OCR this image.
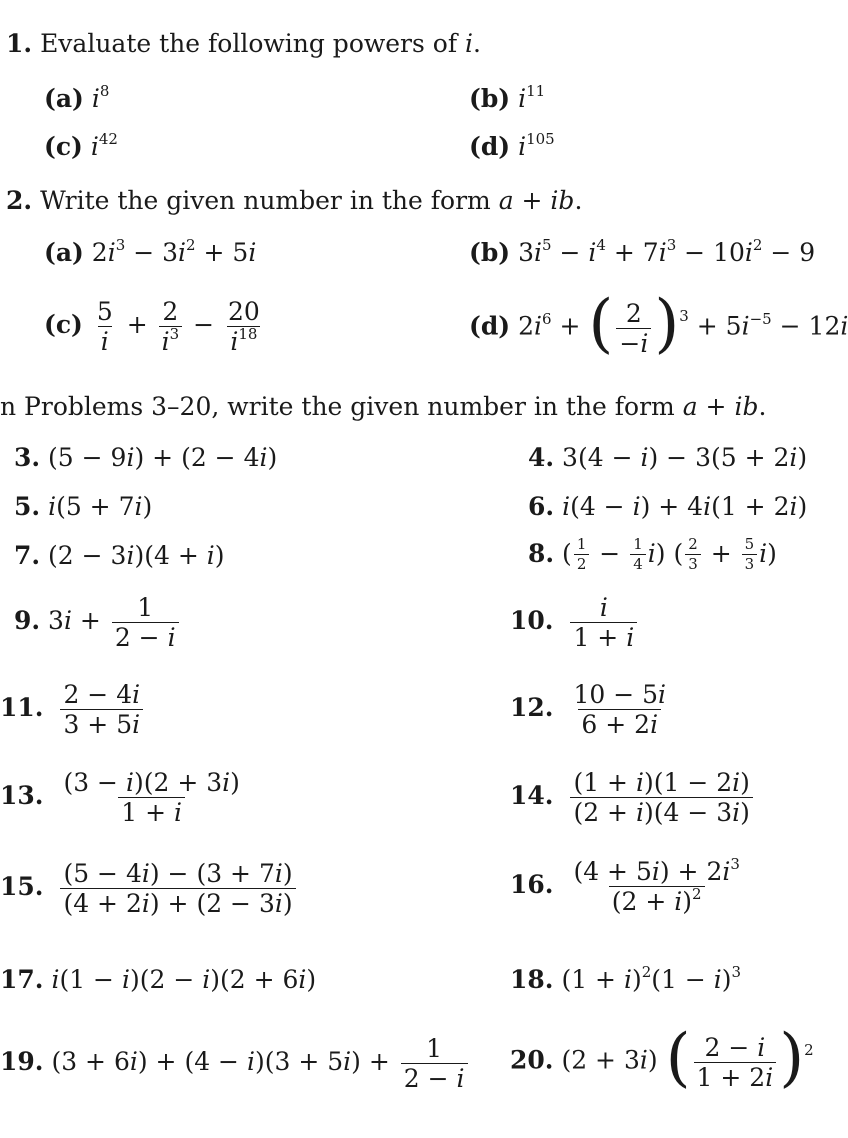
1. Evaluate the following powers of i.
(a) $i^8$	(b) $i^{11}$
(c) $i^{42}$	(d) $i^{105}$
2. Write the given number in the form a + ib.
(a) $2i^3 - 3i^2 + 5i$	(b) $3i^5 - i^4 + 7i^3 - 10i^2 - 9$
$(c) \frac{5}{i} + \frac{2}{i^3} - \frac{20}{i^{18}}$	(d) $2i^6$ + ( $\frac{2}{-i} )^3 + 5i^{-5} - 12i$
n Problems 3–20, write the given number in the form a + ib.
3. (5 − 9i) + (2 − 4i)	4. 3(4 − i) − 3(5 + 2i)
5. i(5 + 7i)	6. i(4 − i) + 4i(1 + 2i)
7. (2 − 3i)(4 + i)	8. ( $\frac{1}{2} - \frac{1}{4} i$) ( $\frac{2}{3} + \frac{5}{3} i$)
9. $3i + \frac{1}{2 - i}$	10. $\frac{i}{1 + i}$
11. $\frac{2 - 4i}{3 + 5i}$	12. $\frac{10 - 5i}{6 + 2i}$
13. $\frac{(3 - i)(2 + 3i)}{1 + i}$	14. $\frac{(1 + i)(1 - 2i)}{(2 + i)(4 - 3i)}$
15. $\frac{(5 - 4i) - (3 + 7i)}{(4 + 2i) + (2 - 3i)}$	16. $\frac{(4 + 5i) + 2i^3}{(2 + i)^2}$
17. i(1 − i)(2 − i)(2 + 6i)	18. $(1 + i)^2(1 - i)^3$
19. $(3 + 6i) + (4 - i)(3 + 5i) + \frac{1}{2 - i} 20$. (2 + 3i) ( $\frac{2 - i}{1 + 2i} )^2$
